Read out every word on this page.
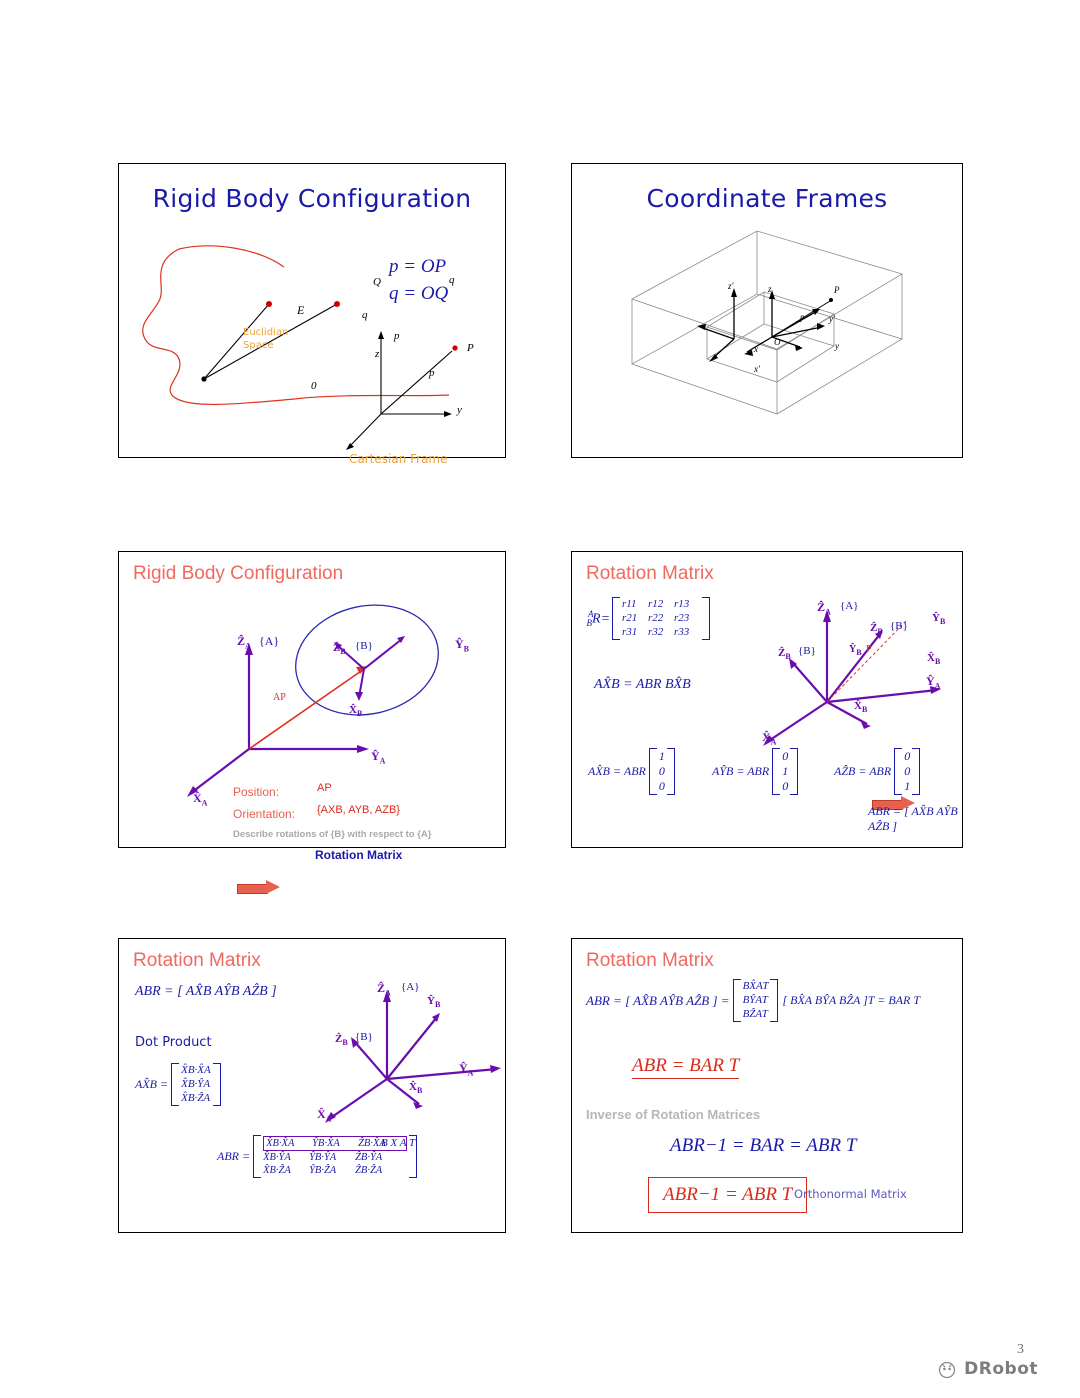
Rigid Body Configuration
Q	q
E
Euclidian
Space
q
p
0
Cartesian Frame
z
y
p
P
p = OP
q = OQ
Coordinate Frames
z'	z
y'
y
x
x'
O
P
p
Rigid Body Configuration
Ẑ$_A$ {A}	$Ŷ_B$
Ẑ$_B$ {B}
$X̂_B$
$Ŷ_A$
$X̂_A$
AP
Position:	AP
Orientation: {AXB, AYB, AZB}
Describe rotations of {B} with respect to {A}
Rotation Matrix
Rotation Matrix
$^A_B$R=
r11 r12 r13
r21 r22 r23
r31 r32 r33
AX̂B = ABR BX̂B
Ẑ$_A$ {A}
Ẑ$_B$ {B}
$Ŷ_B$
Ẑ$_B$ {B}	$Ŷ_B$ P
$X̂_B$
$Ŷ_A$
$X̂_B$
$X̂_A$
AX̂B = ABR
1
0
0
AŶB = ABR
0
1
0
AẐB = ABR
0
0
1
ABR = [ AX̂B AŶB AẐB ]
Rotation Matrix
ABR = [ AX̂B AŶB AẐB ]
Dot Product
AX̂B =
X̂B·X̂A
X̂B·ŶA
X̂B·ẐA
ABR =
X̂B·X̂A ŶB·X̂A ẐB·X̂A
X̂B·ŶA ŶB·ŶA ẐB·ŶA
X̂B·ẐA ŶB·ẐA ẐB·ẐA
B X A T
Ẑ$_A$ {A}
Ẑ$_B$ {B}
$Ŷ_B$
$Ŷ_A$
$X̂_B$
$X̂_A$
Rotation Matrix
ABR = [ AX̂B AŶB AẐB ] =
BX̂AT
BŶAT
BẐAT
[ BX̂A BŶA BẐA ]T = BAR T
ABR = BAR T
Inverse of Rotation Matrices
ABR−1 = BAR = ABR T
ABR−1 = ABR T Orthonormal Matrix
3
DRobot
